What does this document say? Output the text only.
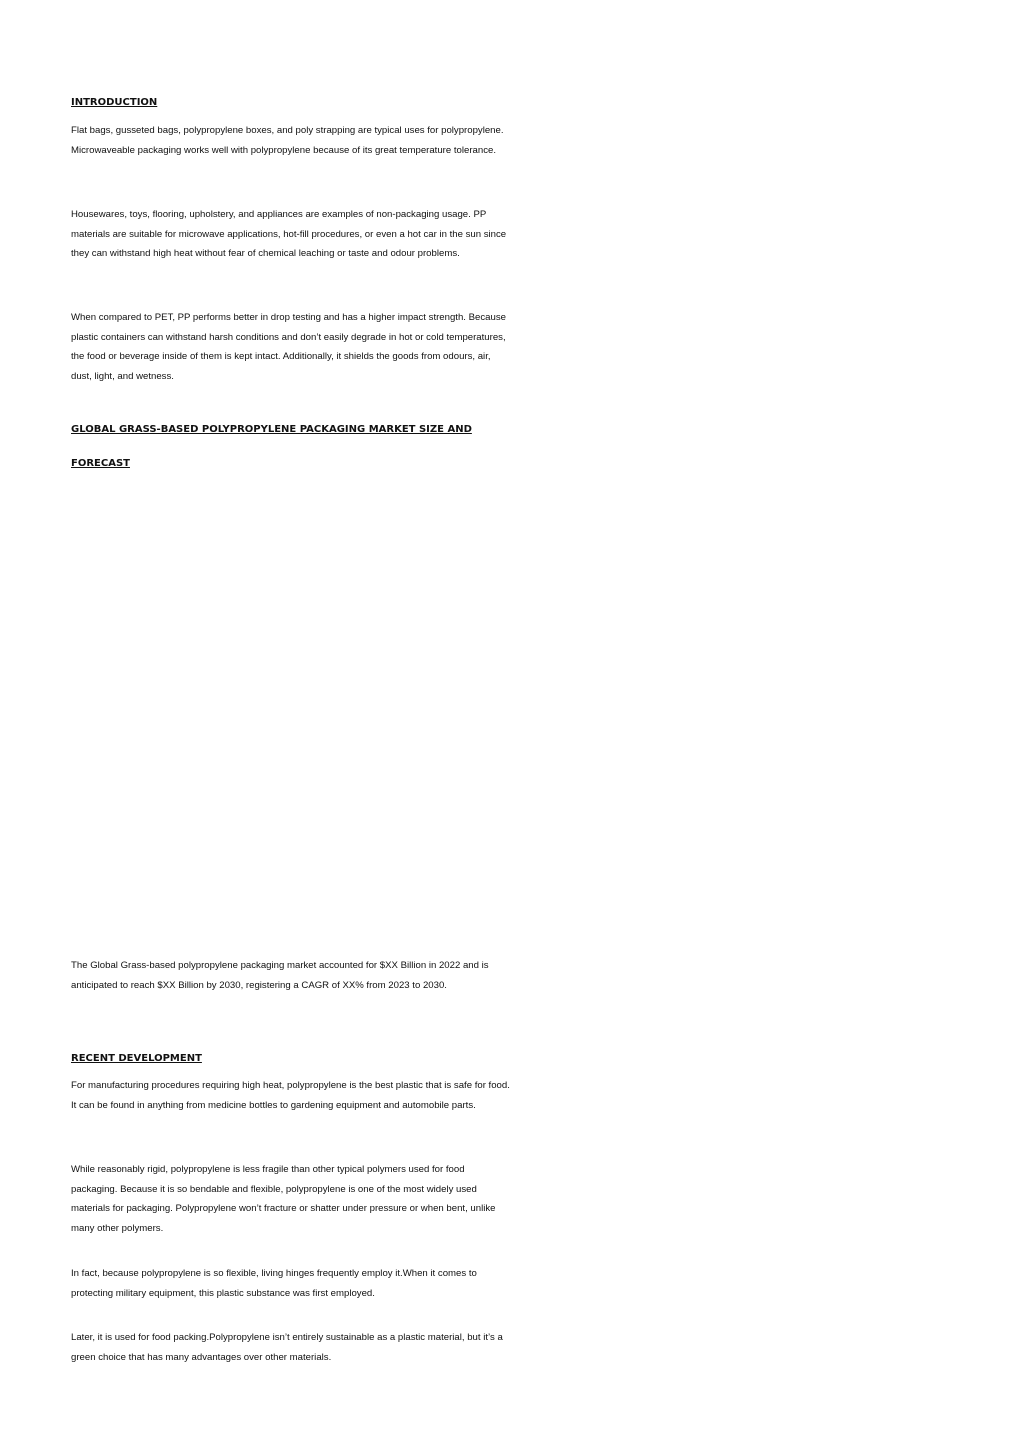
INTRODUCTION

Flat bags, gusseted bags, polypropylene boxes, and poly strapping are typical uses for polypropylene. Microwaveable packaging works well with polypropylene because of its great temperature tolerance.

Housewares, toys, flooring, upholstery, and appliances are examples of non-packaging usage. PP materials are suitable for microwave applications, hot-fill procedures, or even a hot car in the sun since they can withstand high heat without fear of chemical leaching or taste and odour problems.

When compared to PET, PP performs better in drop testing and has a higher impact strength. Because plastic containers can withstand harsh conditions and don’t easily degrade in hot or cold temperatures, the food or beverage inside of them is kept intact. Additionally, it shields the goods from odours, air, dust, light, and wetness.

GLOBAL GRASS-BASED POLYPROPYLENE PACKAGING MARKET SIZE AND

FORECAST

The Global Grass-based polypropylene packaging market accounted for $XX Billion in 2022 and is anticipated to reach $XX Billion by 2030, registering a CAGR of XX% from 2023 to 2030.

RECENT DEVELOPMENT

For manufacturing procedures requiring high heat, polypropylene is the best plastic that is safe for food. It can be found in anything from medicine bottles to gardening equipment and automobile parts.

While reasonably rigid, polypropylene is less fragile than other typical polymers used for food packaging. Because it is so bendable and flexible, polypropylene is one of the most widely used materials for packaging. Polypropylene won’t fracture or shatter under pressure or when bent, unlike many other polymers.

In fact, because polypropylene is so flexible, living hinges frequently employ it.When it comes to protecting military equipment, this plastic substance was first employed.

Later, it is used for food packing.Polypropylene isn’t entirely sustainable as a plastic material, but it’s a green choice that has many advantages over other materials.
